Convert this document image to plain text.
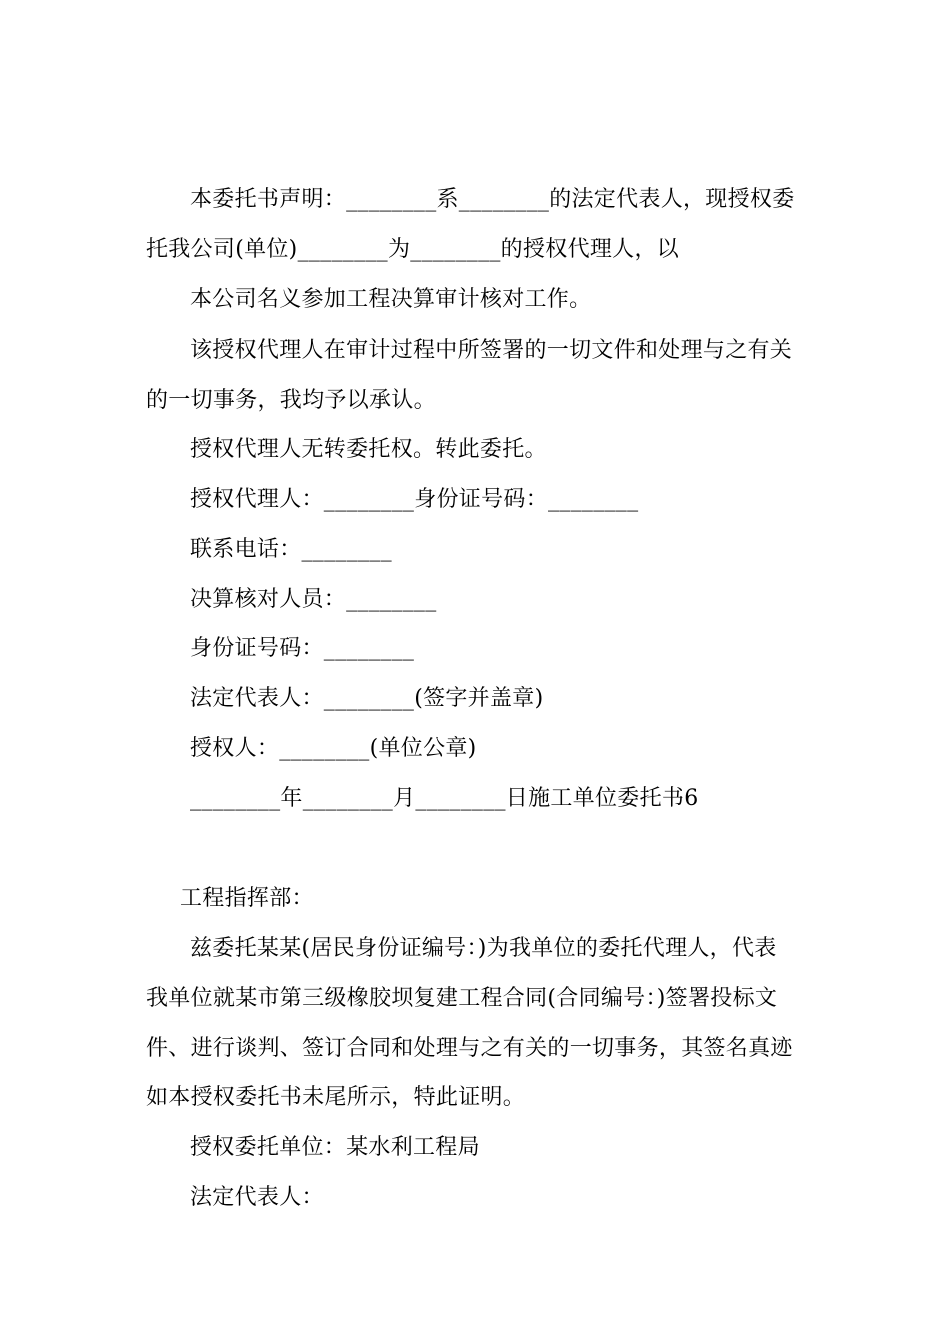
本委托书声明：________系________的法定代表人，现授权委
托我公司(单位)________为________的授权代理人，以
本公司名义参加工程决算审计核对工作。
该授权代理人在审计过程中所签署的一切文件和处理与之有关
的一切事务，我均予以承认。
授权代理人无转委托权。转此委托。
授权代理人：________身份证号码：________
联系电话：________
决算核对人员：________
身份证号码：________
法定代表人：________(签字并盖章)
授权人：________(单位公章)
________年________月________日施工单位委托书6
工程指挥部：
兹委托某某(居民身份证编号：)为我单位的委托代理人，代表
我单位就某市第三级橡胶坝复建工程合同(合同编号：)签署投标文
件、进行谈判、签订合同和处理与之有关的一切事务，其签名真迹
如本授权委托书未尾所示，特此证明。
授权委托单位：某水利工程局
法定代表人：
